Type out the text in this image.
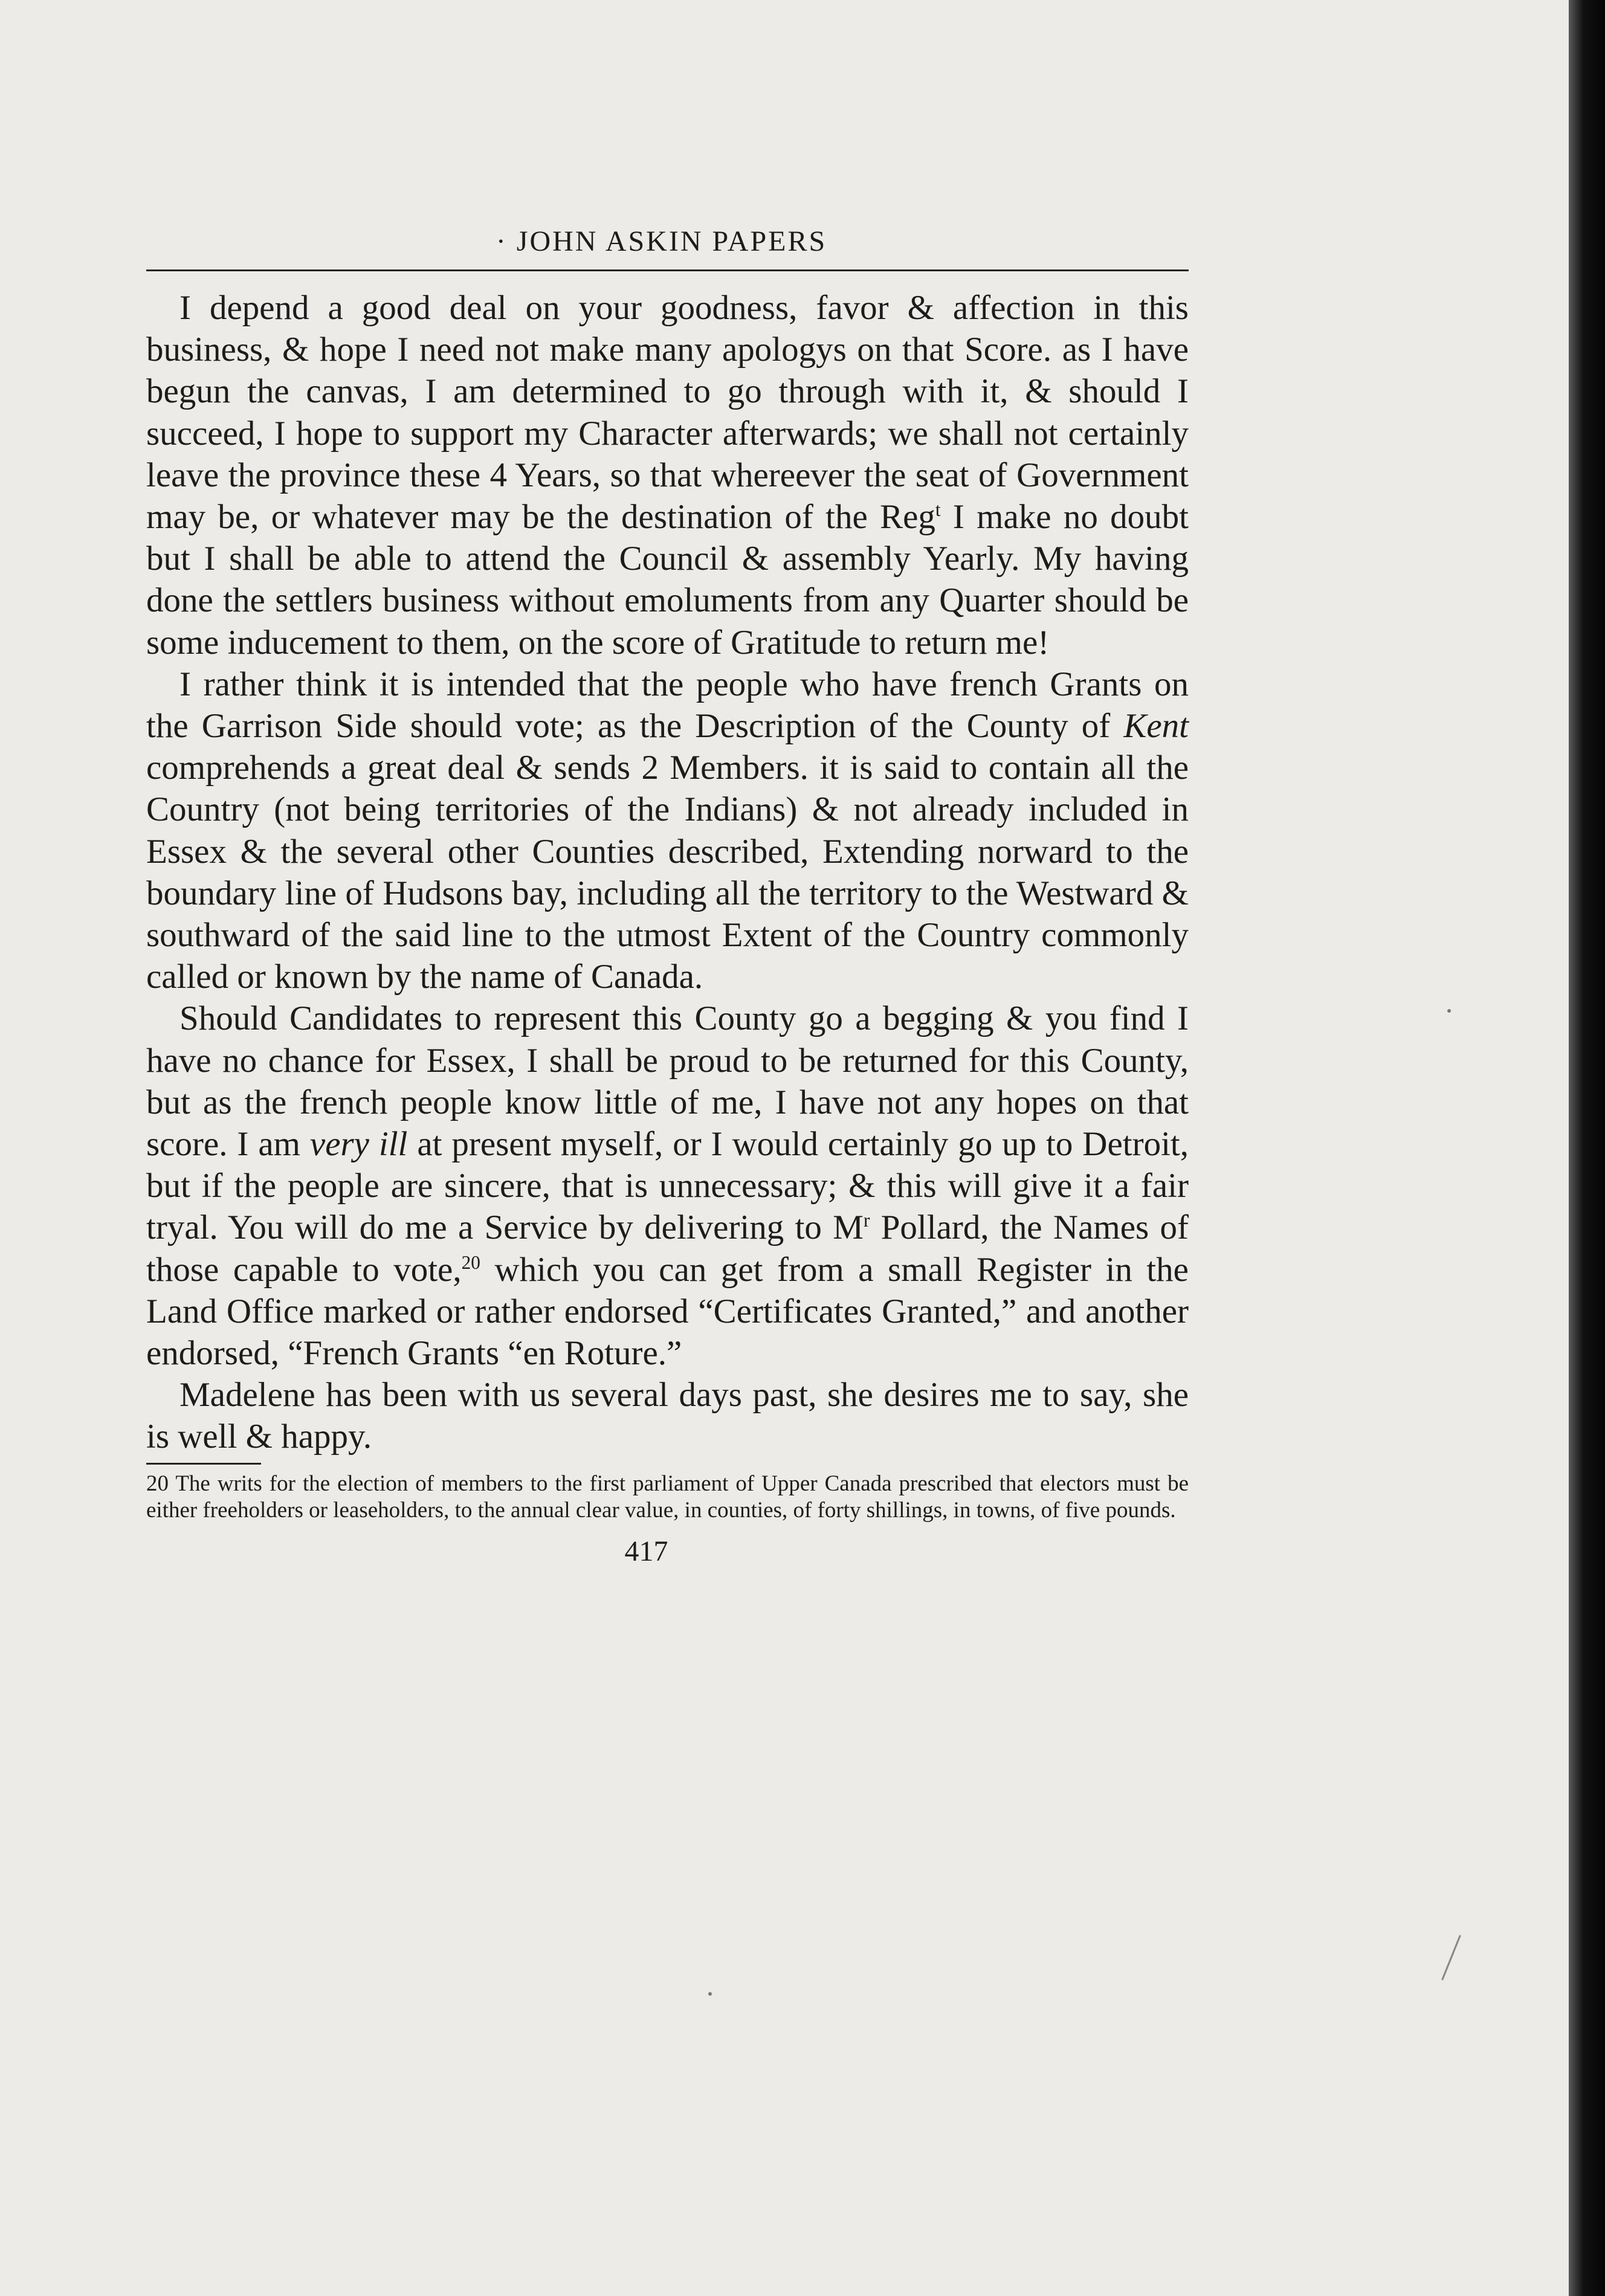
· JOHN ASKIN PAPERS

I depend a good deal on your goodness, favor & affection in this business, & hope I need not make many apologys on that Score. as I have begun the canvas, I am determined to go through with it, & should I succeed, I hope to support my Character afterwards; we shall not certainly leave the province these 4 Years, so that whereever the seat of Government may be, or whatever may be the destination of the Reg$^t$ I make no doubt but I shall be able to attend the Council & assembly Yearly. My having done the settlers business without emoluments from any Quarter should be some inducement to them, on the score of Gratitude to return me!

I rather think it is intended that the people who have french Grants on the Garrison Side should vote; as the Description of the County of Kent comprehends a great deal & sends 2 Members. it is said to contain all the Country (not being territories of the Indians) & not already included in Essex & the several other Counties described, Extending norward to the boundary line of Hudsons bay, including all the territory to the Westward & southward of the said line to the utmost Extent of the Country commonly called or known by the name of Canada.

Should Candidates to represent this County go a begging & you find I have no chance for Essex, I shall be proud to be returned for this County, but as the french people know little of me, I have not any hopes on that score. I am very ill at present myself, or I would certainly go up to Detroit, but if the people are sincere, that is unnecessary; & this will give it a fair tryal. You will do me a Service by delivering to $M^r$ Pollard, the Names of those capable to vote,$^{20}$ which you can get from a small Register in the Land Office marked or rather endorsed “Certificates Granted,” and another endorsed, “French Grants “en Roture.”

Madelene has been with us several days past, she desires me to say, she is well & happy.

20 The writs for the election of members to the first parliament of Upper Canada prescribed that electors must be either freeholders or leaseholders, to the annual clear value, in counties, of forty shillings, in towns, of five pounds.
417
